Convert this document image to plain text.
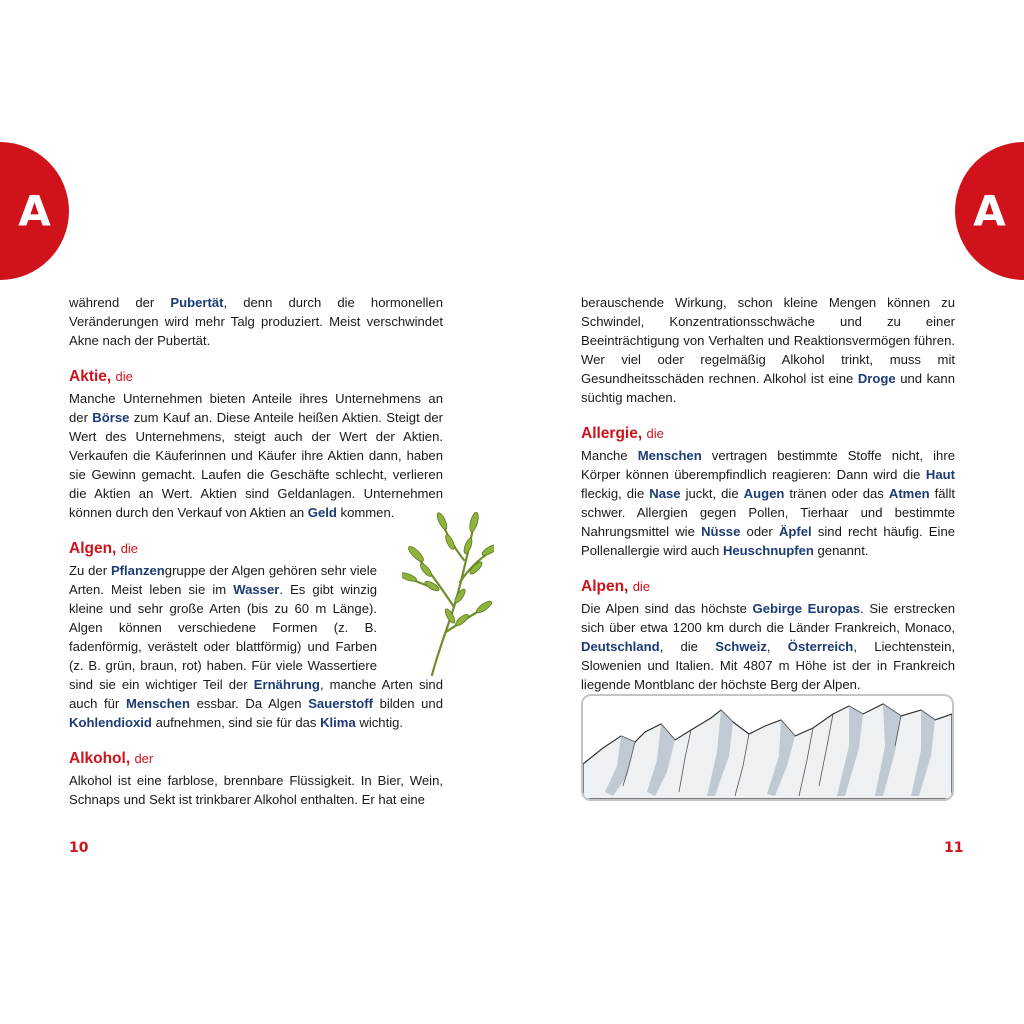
A	A

während der Pubertät, denn durch die hormonellen Veränderungen wird mehr Talg produziert. Meist verschwindet Akne nach der Pubertät.

Aktie, die

Manche Unternehmen bieten Anteile ihres Unternehmens an der Börse zum Kauf an. Diese Anteile heißen Aktien. Steigt der Wert des Unternehmens, steigt auch der Wert der Aktien. Verkaufen die Käuferinnen und Käufer ihre Aktien dann, haben sie Gewinn gemacht. Laufen die Geschäfte schlecht, verlieren die Aktien an Wert. Aktien sind Geldanlagen. Unternehmen können durch den Verkauf von Aktien an Geld kommen.

Algen, die

Zu der Pflanzengruppe der Algen gehören sehr viele Arten. Meist leben sie im Wasser. Es gibt winzig kleine und sehr große Arten (bis zu 60 m Länge). Algen können verschiedene Formen (z. B. fadenförmig, verästelt oder blattförmig) und Farben (z. B. grün, braun, rot) haben. Für viele Wassertiere sind sie ein wichtiger Teil der Ernährung, manche Arten sind auch für Menschen essbar. Da Algen Sauerstoff bilden und Kohlendioxid aufnehmen, sind sie für das Klima wichtig.

Alkohol, der

Alkohol ist eine farblose, brennbare Flüssigkeit. In Bier, Wein, Schnaps und Sekt ist trinkbarer Alkohol enthalten. Er hat eine

10

berauschende Wirkung, schon kleine Mengen können zu Schwindel, Konzentrationsschwäche und zu einer Beeinträchtigung von Verhalten und Reaktionsvermögen führen. Wer viel oder regelmäßig Alkohol trinkt, muss mit Gesundheitsschäden rechnen. Alkohol ist eine Droge und kann süchtig machen.

Allergie, die

Manche Menschen vertragen bestimmte Stoffe nicht, ihre Körper können überempfindlich reagieren: Dann wird die Haut fleckig, die Nase juckt, die Augen tränen oder das Atmen fällt schwer. Allergien gegen Pollen, Tierhaar und bestimmte Nahrungsmittel wie Nüsse oder Äpfel sind recht häufig. Eine Pollenallergie wird auch Heuschnupfen genannt.

Alpen, die

Die Alpen sind das höchste Gebirge Europas. Sie erstrecken sich über etwa 1200 km durch die Länder Frankreich, Monaco, Deutschland, die Schweiz, Österreich, Liechtenstein, Slowenien und Italien. Mit 4807 m Höhe ist der in Frankreich liegende Montblanc der höchste Berg der Alpen.

11
